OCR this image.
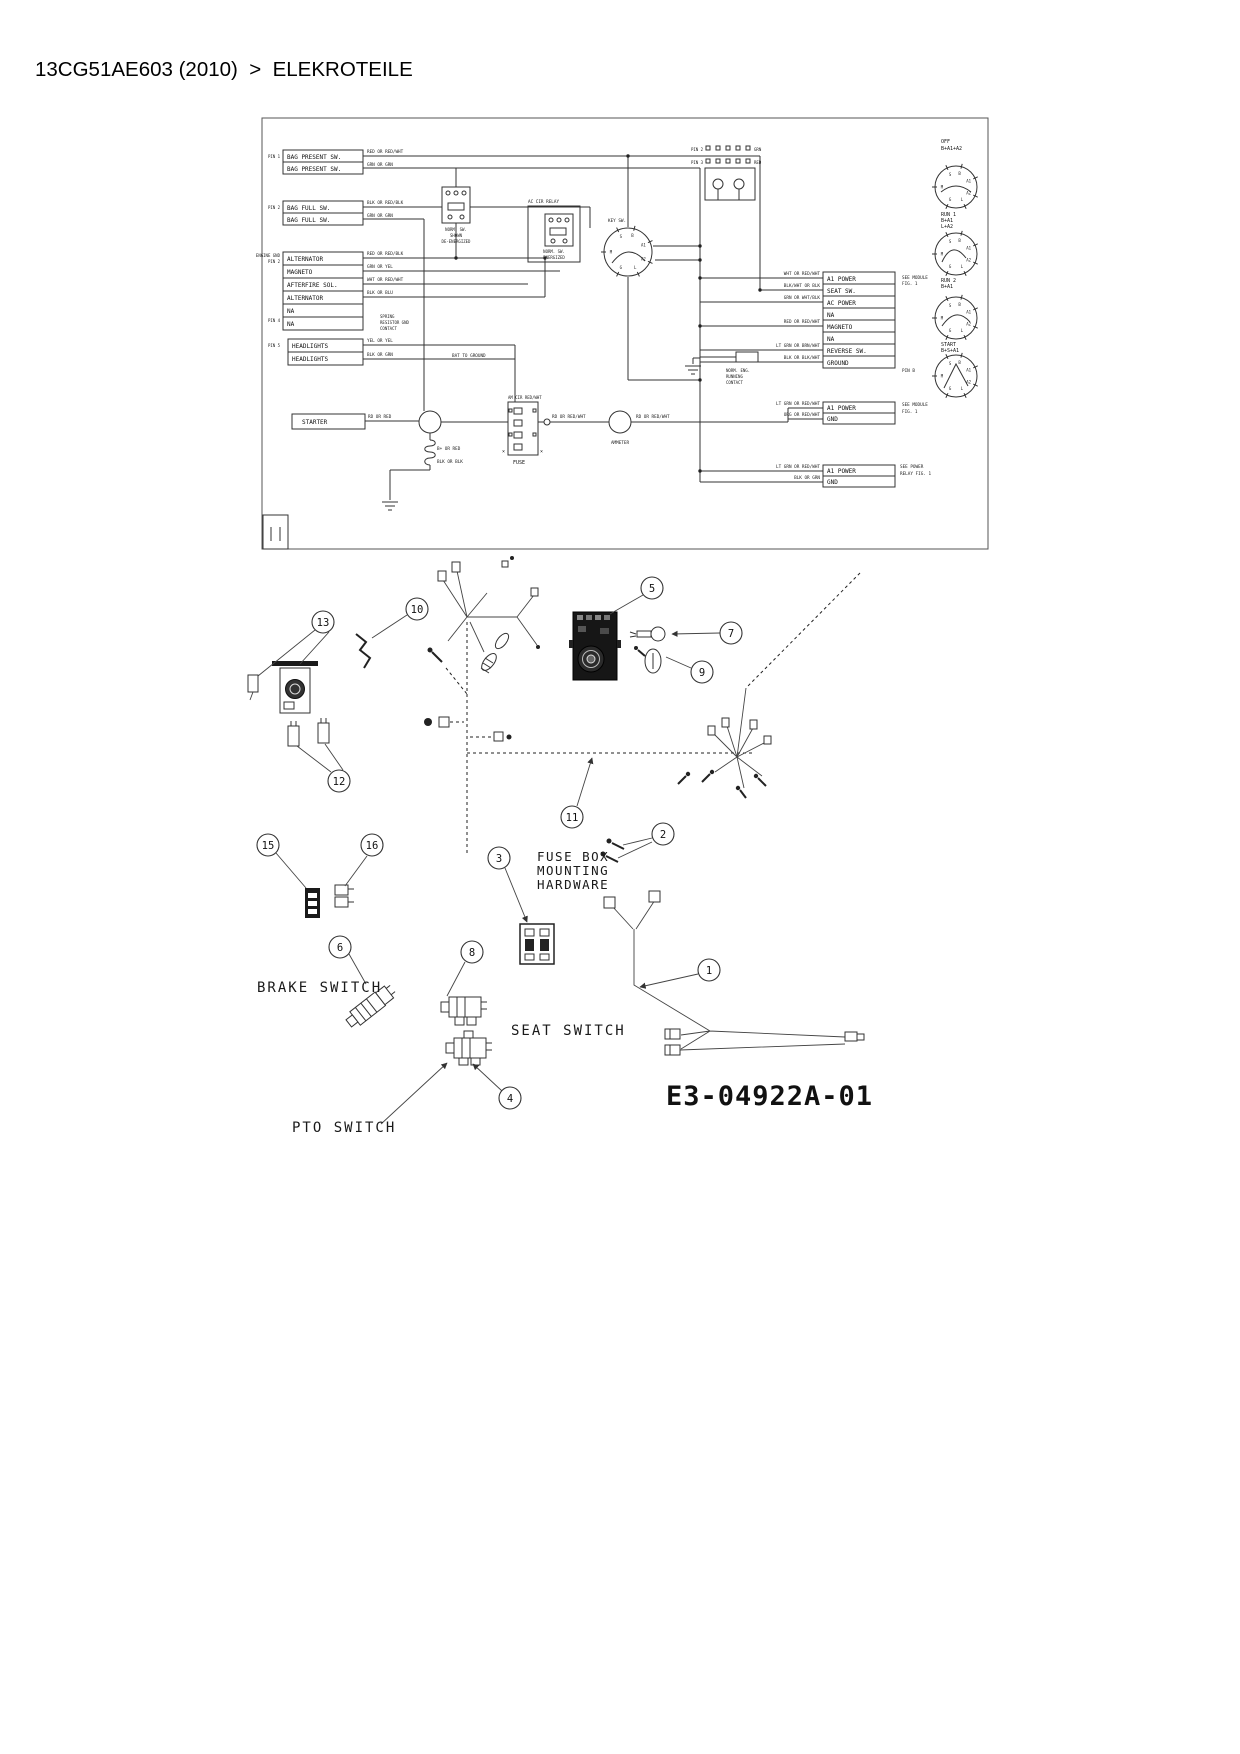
13CG51AE603 (2010)  >  ELEKROTEILE
BAG PRESENT SW.
BAG PRESENT SW.
BAG FULL SW.
BAG FULL SW.
ALTERNATOR
MAGNETO
AFTERFIRE SOL.
ALTERNATOR
NA
NA
HEADLIGHTS
HEADLIGHTS
STARTER
PIN 1
PIN 2
ENGINE GND
PIN 2
PIN 4
PIN 5
RED OR RED/WHT
GRN OR GRN
BLK OR RED/BLK
GRN OR GRN
RED OR RED/BLK
GRN OR YEL
WHT OR RED/WHT
BLK OR BLU
YEL OR YEL
BLK OR GRN
RD OR RED	RD OR RED/WHT	RD OR RED/WHT
B+ OR RED
BLK OR BLK
BAT TO GROUND
WHT OR RED/WHT
BLK/WHT OR BLK
GRN OR WHT/BLK
RED OR RED/WHT
LT GRN OR BRN/WHT
BLK OR BLK/WHT
LT GRN OR RED/WHT
ORG OR RED/WHT
LT GRN OR RED/WHT
BLK OR GRN
AM CIR RED/WHT
NORM. SW.
SHOWN
DE-ENERGIZED
AC CIR RELAY
NORM. SW.
ENERGIZED
KEY SW.
S B
M
G	L
A1
A2
PIN 2
PIN 3
GRN
RED
×	×
FUSE
AMMETER
NORM. ENG.
RUNNING
CONTACT
SPRING
RESISTOR GND
CONTACT
A1 POWER
SEAT SW.
AC POWER
NA
MAGNETO
NA
REVERSE SW.
GROUND
A1 POWER
GND
A1 POWER
GND
SEE MODULE
FIG. 1
SEE POWER
RELAY FIG. 1
OFF
B+A1+A2
S B
M
G L
A1
A2
RUN 1
B+A1
L+A2
S B
M
G L
A1
A2
RUN 2
B+A1
S B
M
G L
A1
A2
START
B+S+A1
S B
M
G L
A1
A2
PIN B
SEE MODULE
FIG. 1
1
2
3
4
5
6
7
8
9
10
11
12
13
15	16
FUSE BOX
MOUNTING
HARDWARE
BRAKE SWITCH
SEAT SWITCH
PTO SWITCH
E3-04922A-01
